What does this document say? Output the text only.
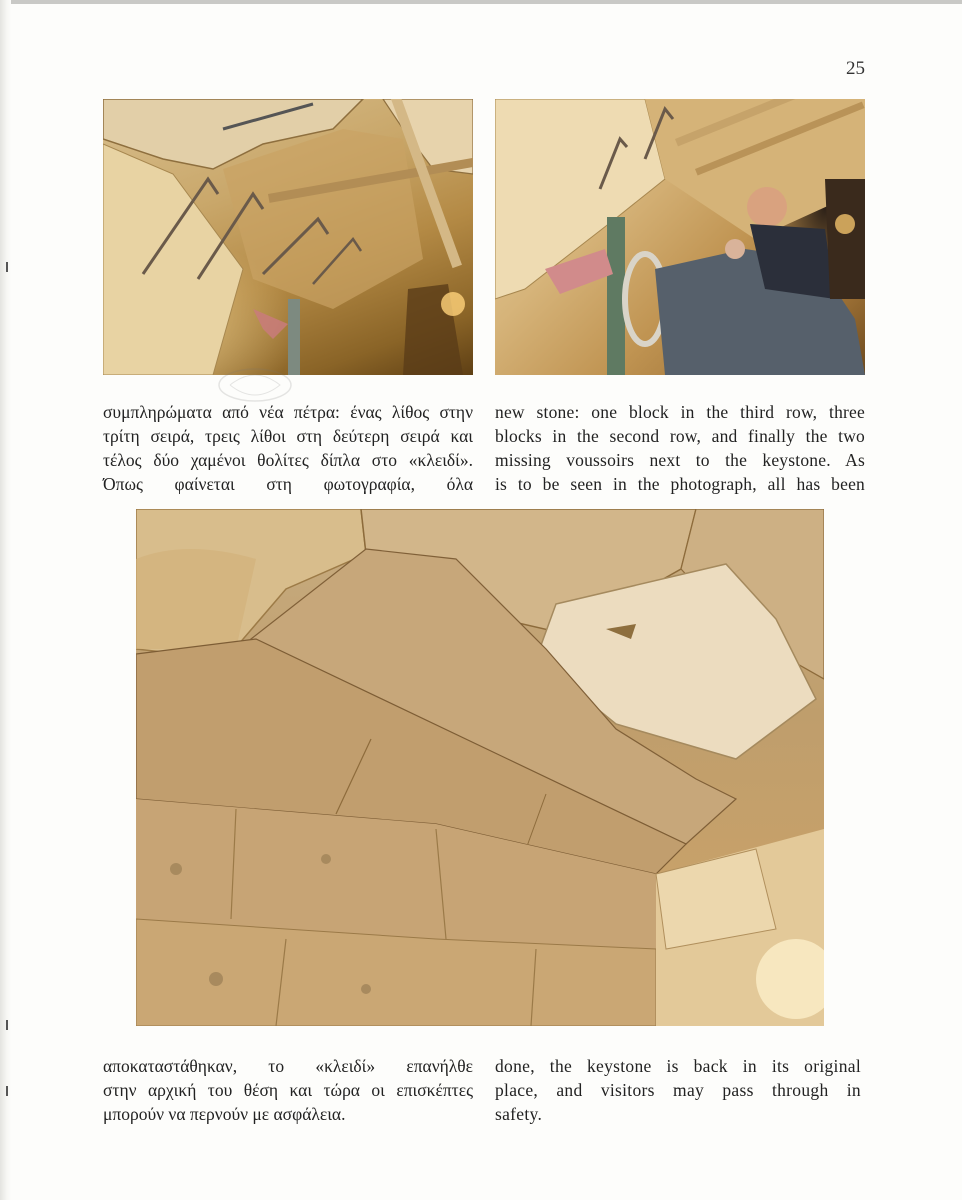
25

συμπληρώματα από νέα πέτρα: ένας λίθος στην
τρίτη σειρά, τρεις λίθοι στη δεύτερη σειρά και
τέλος δύο χαμένοι θολίτες δίπλα στο «κλειδί».
Όπως φαίνεται στη φωτογραφία, όλα

new stone: one block in the third row, three
blocks in the second row, and finally the two
missing voussoirs next to the keystone. As
is to be seen in the photograph, all has been

αποκαταστάθηκαν, το «κλειδί» επανήλθε
στην αρχική του θέση και τώρα οι επισκέπτες
μπορούν να περνούν με ασφάλεια.

done, the keystone is back in its original
place, and visitors may pass through in
safety.
